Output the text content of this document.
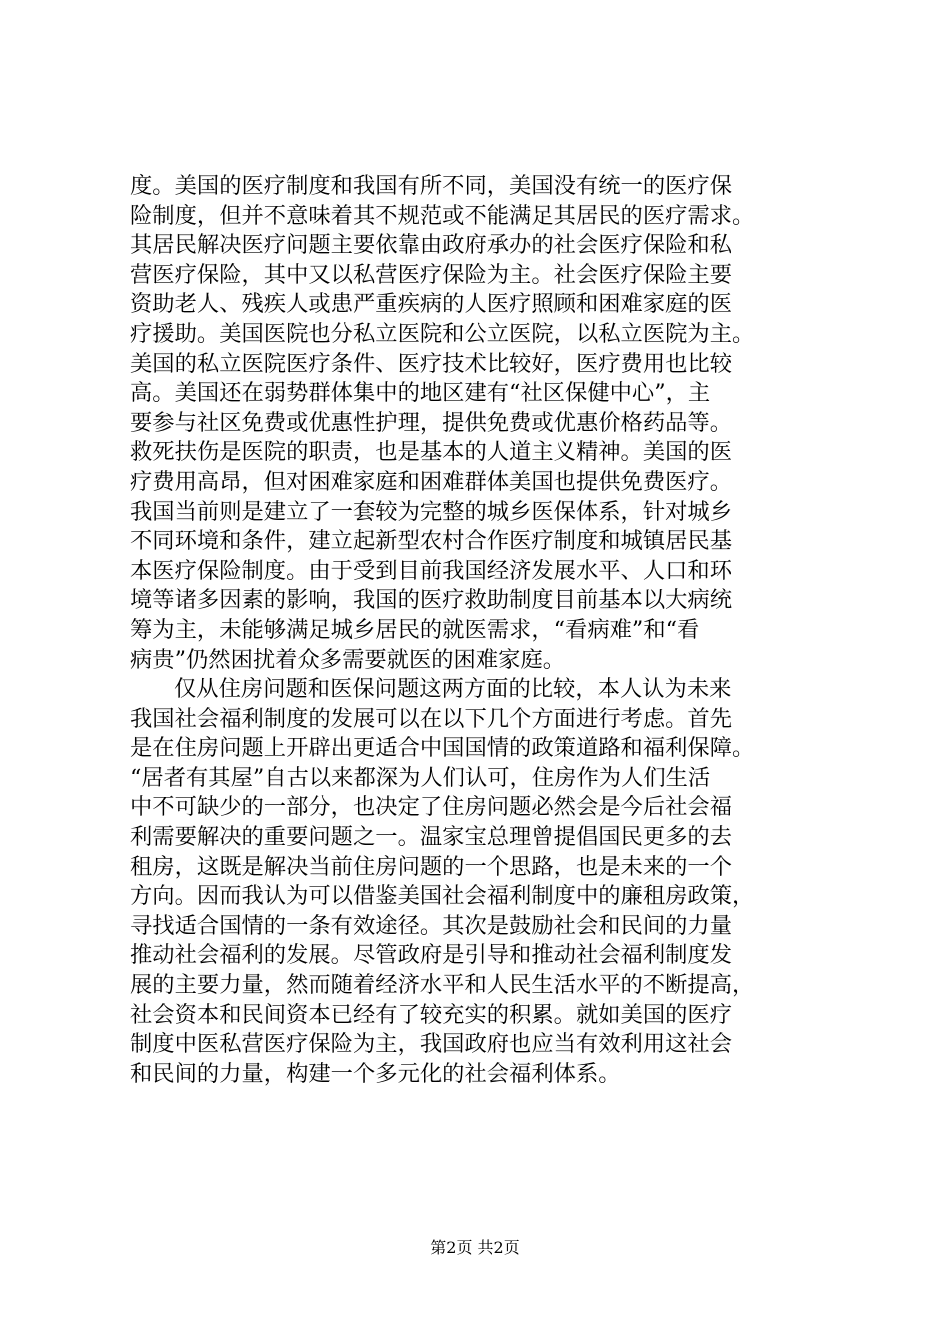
度。美国的医疗制度和我国有所不同，美国没有统一的医疗保
险制度，但并不意味着其不规范或不能满足其居民的医疗需求。
其居民解决医疗问题主要依靠由政府承办的社会医疗保险和私
营医疗保险，其中又以私营医疗保险为主。社会医疗保险主要
资助老人、残疾人或患严重疾病的人医疗照顾和困难家庭的医
疗援助。美国医院也分私立医院和公立医院，以私立医院为主。
美国的私立医院医疗条件、医疗技术比较好，医疗费用也比较
高。美国还在弱势群体集中的地区建有“社区保健中心”，主
要参与社区免费或优惠性护理，提供免费或优惠价格药品等。
救死扶伤是医院的职责，也是基本的人道主义精神。美国的医
疗费用高昂，但对困难家庭和困难群体美国也提供免费医疗。
我国当前则是建立了一套较为完整的城乡医保体系，针对城乡
不同环境和条件，建立起新型农村合作医疗制度和城镇居民基
本医疗保险制度。由于受到目前我国经济发展水平、人口和环
境等诸多因素的影响，我国的医疗救助制度目前基本以大病统
筹为主，未能够满足城乡居民的就医需求，“看病难”和“看
病贵”仍然困扰着众多需要就医的困难家庭。
仅从住房问题和医保问题这两方面的比较，本人认为未来
我国社会福利制度的发展可以在以下几个方面进行考虑。首先
是在住房问题上开辟出更适合中国国情的政策道路和福利保障。
“居者有其屋”自古以来都深为人们认可，住房作为人们生活
中不可缺少的一部分，也决定了住房问题必然会是今后社会福
利需要解决的重要问题之一。温家宝总理曾提倡国民更多的去
租房，这既是解决当前住房问题的一个思路，也是未来的一个
方向。因而我认为可以借鉴美国社会福利制度中的廉租房政策，
寻找适合国情的一条有效途径。其次是鼓励社会和民间的力量
推动社会福利的发展。尽管政府是引导和推动社会福利制度发
展的主要力量，然而随着经济水平和人民生活水平的不断提高，
社会资本和民间资本已经有了较充实的积累。就如美国的医疗
制度中医私营医疗保险为主，我国政府也应当有效利用这社会
和民间的力量，构建一个多元化的社会福利体系。
第2页 共2页
